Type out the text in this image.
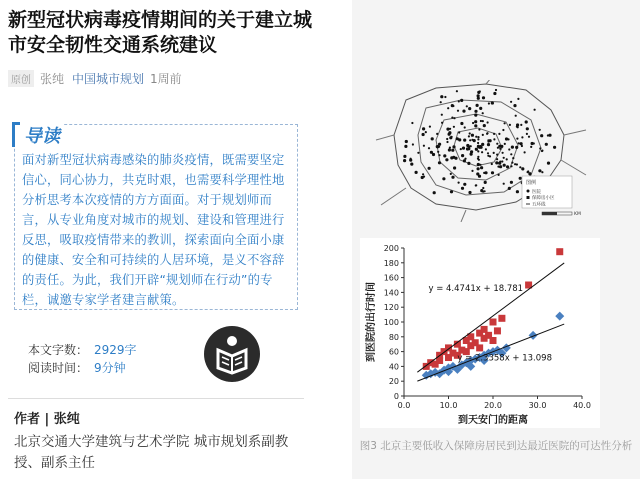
新型冠状病毒疫情期间的关于建立城市安全韧性交通系统建议
原创 张纯 中国城市规划 1周前
导读
面对新型冠状病毒感染的肺炎疫情，既需要坚定信心，同心协力，共克时艰，也需要科学理性地分析思考本次疫情的方方面面。对于规划师而言，从专业角度对城市的规划、建设和管理进行反思，吸取疫情带来的教训，探索面向全面小康的健康、安全和可持续的人居环境，是义不容辞的责任。为此，我们开辟“规划师在行动”的专栏，诚邀专家学者建言献策。
本文字数： 2929字
阅读时间： 9分钟
作者 | 张纯
北京交通大学建筑与艺术学院 城市规划系副教授、副系主任
图例
医院
保障房小区
五环线
KM
0
20
40
60
80
100
120
140
160
180
200
0.0	10.0	20.0	30.0	40.0
到天安门的距离
到医院的出行时间	y = 4.4741x + 18.781
y = 2.3358x + 13.098
图3 北京主要低收入保障房居民到达最近医院的可达性分析
